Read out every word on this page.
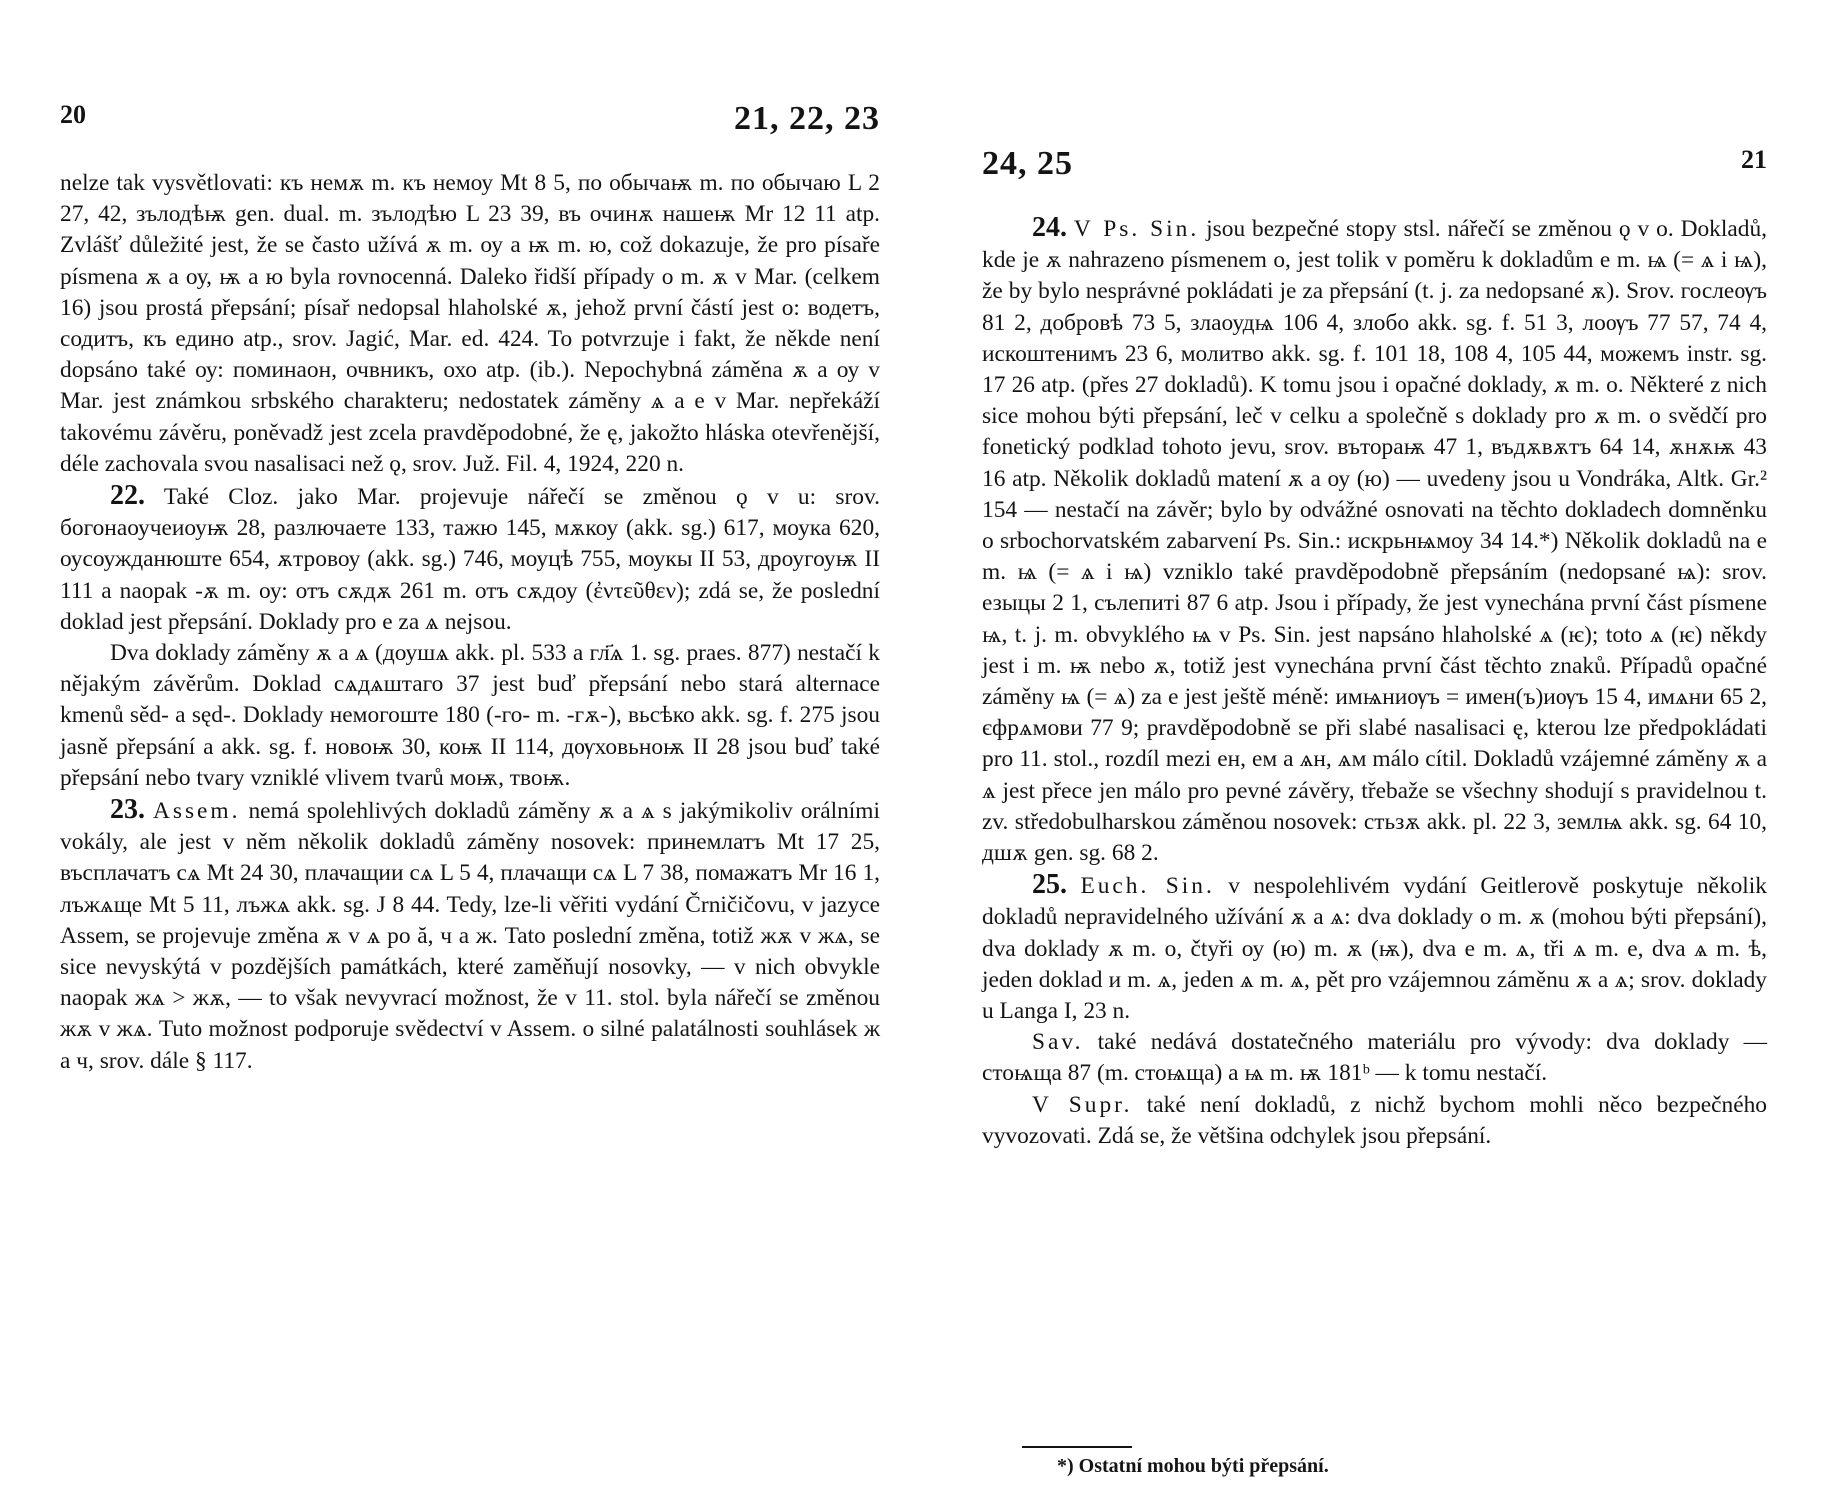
20	21, 22, 23

nelze tak vysvětlovati: къ немѫ m. къ немоу Mt 8 5, по обычаѭ m. по обычаю L 2 27, 42, зълодѣѭ gen. dual. m. зълодѣю L 23 39, въ очинѫ нашеѭ Mr 12 11 atp. Zvlášť důležité jest, že se často užívá ѫ m. оу a ѭ m. ю, což dokazuje, že pro písaře písmena ѫ a оу, ѭ a ю byla rovnocenná. Daleko řidší případy о m. ѫ v Mar. (celkem 16) jsou prostá přepsání; písař nedopsal hlaholské ѫ, jehož první částí jest o: водетъ, содитъ, къ едино atp., srov. Jagić, Mar. ed. 424. To potvrzuje i fakt, že někde není dopsáno také оу: поминаон, очвникъ, охо atp. (ib.). Nepochybná záměna ѫ a оу v Mar. jest známkou srbského charakteru; nedostatek záměny ѧ a е v Mar. nepřekáží takovému závěru, poněvadž jest zcela pravděpodobné, že ę, jakožto hláska otevřenější, déle zachovala svou nasalisaci než ǫ, srov. Juž. Fil. 4, 1924, 220 n.

22. Také Cloz. jako Mar. projevuje nářečí se změnou ǫ v u: srov. богонаоучеиоуѭ 28, разлючаете 133, тажю 145, мѫкоу (akk. sg.) 617, моука 620, оусоужданюште 654, ѫтровоу (akk. sg.) 746, моуцѣ 755, моукы II 53, дроугоуѭ II 111 a naopak -ѫ m. оу: отъ сѫдѫ 261 m. отъ сѫдоу (ἐντεῦθεν); zdá se, že poslední doklad jest přepsání. Doklady pro е za ѧ nejsou.

Dva doklady záměny ѫ a ѧ (доушѧ akk. pl. 533 a гл҃ѧ 1. sg. praes. 877) nestačí k nějakým závěrům. Doklad сѧдѧштаго 37 jest buď přepsání nebo stará alternace kmenů sěd- a sęd-. Doklady немогоште 180 (-го- m. -гѫ-), вьсѣко akk. sg. f. 275 jsou jasně přepsání a akk. sg. f. новоѭ 30, коѭ II 114, дѹховьноѭ II 28 jsou buď také přepsání nebo tvary vzniklé vlivem tvarů моѭ, твоѭ.

23. Assem. nemá spolehlivých dokladů záměny ѫ a ѧ s jakýmikoliv orálními vokály, ale jest v něm několik dokladů záměny nosovek: принемлатъ Mt 17 25, въсплачатъ сѧ Mt 24 30, плачащии сѧ L 5 4, плачащи сѧ L 7 38, помажатъ Mr 16 1, лъжѧще Mt 5 11, лъжѧ akk. sg. J 8 44. Tedy, lze-li věřiti vydání Črničičovu, v jazyce Assem, se projevuje změna ѫ v ѧ po ă, ч a ж. Tato poslední změna, totiž жѫ v жѧ, se sice nevyskýtá v pozdějších památkách, které zaměňují nosovky, — v nich obvykle naopak жѧ > жѫ, — to však nevyvrací možnost, že v 11. stol. byla nářečí se změnou жѫ v жѧ. Tuto možnost podporuje svědectví v Assem. o silné palatálnosti souhlásek ж a ч, srov. dále § 117.

24, 25	21

24. V Ps. Sin. jsou bezpečné stopy stsl. nářečí se změnou ǫ v o. Dokladů, kde je ѫ nahrazeno písmenem о, jest tolik v poměru k dokladům е m. ѩ (= ѧ i ѩ), že by bylo nesprávné pokládati je za přepsání (t. j. za nedopsané ѫ). Srov. гослеѹъ 81 2, добровѣ 73 5, злаоудѩ 106 4, злобо akk. sg. f. 51 3, лоѹъ 77 57, 74 4, искоштенимъ 23 6, молитво akk. sg. f. 101 18, 108 4, 105 44, можемъ instr. sg. 17 26 atp. (přes 27 dokladů). K tomu jsou i opačné doklady, ѫ m. о. Některé z nich sice mohou býti přepsání, leč v celku a společně s doklady pro ѫ m. о svědčí pro fonetický podklad tohoto jevu, srov. вътораѭ 47 1, въдѫвѫтъ 64 14, ѫнѫѭ 43 16 atp. Několik dokladů matení ѫ a оу (ю) — uvedeny jsou u Vondráka, Altk. Gr.² 154 — nestačí na závěr; bylo by odvážné osnovati na těchto dokladech domněnku o srbochorvatském zabarvení Ps. Sin.: искрьнѩмоу 34 14.*) Několik dokladů na е m. ѩ (= ѧ i ѩ) vzniklo také pravděpodobně přepsáním (nedopsané ѩ): srov. езыцы 2 1, сълепиті 87 6 atp. Jsou i případy, že jest vynechána první část písmene ѩ, t. j. m. obvyklého ѩ v Ps. Sin. jest napsáno hlaholské ѧ (ѥ); toto ѧ (ѥ) někdy jest i m. ѭ nebo ѫ, totiž jest vynechána první část těchto znaků. Případů opačné záměny ѩ (= ѧ) za е jest ještě méně: имѩниѹъ = имен(ъ)иѹъ 15 4, имѧни 65 2, єфрѧмови 77 9; pravděpodobně se při slabé nasalisaci ę, kterou lze předpokládati pro 11. stol., rozdíl mezi ен, ем a ѧн, ѧм málo cítil. Dokladů vzájemné záměny ѫ a ѧ jest přece jen málo pro pevné závěry, třebaže se všechny shodují s pravidelnou t. zv. středobulharskou záměnou nosovek: стьзѫ akk. pl. 22 3, землѩ akk. sg. 64 10, дшѫ gen. sg. 68 2.

25. Euch. Sin. v nespolehlivém vydání Geitlerově poskytuje několik dokladů nepravidelného užívání ѫ a ѧ: dva doklady о m. ѫ (mohou býti přepsání), dva doklady ѫ m. о, čtyři оу (ю) m. ѫ (ѭ), dva е m. ѧ, tři ѧ m. е, dva ѧ m. ѣ, jeden doklad и m. ѧ, jeden ѧ m. ѧ, pět pro vzájemnou záměnu ѫ a ѧ; srov. doklady u Langa I, 23 n.

Sav. také nedává dostatečného materiálu pro vývody: dva doklady — стоѩща 87 (m. стоѩща) a ѩ m. ѭ 181ᵇ — k tomu nestačí.

V Supr. také není dokladů, z nichž bychom mohli něco bezpečného vyvozovati. Zdá se, že většina odchylek jsou přepsání.

*) Ostatní mohou býti přepsání.
